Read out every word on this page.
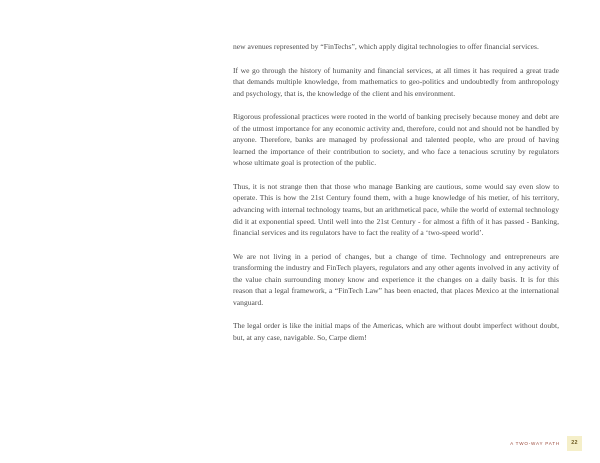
new avenues represented by “FinTechs”, which apply digital technologies to offer financial services.

If we go through the history of humanity and financial services, at all times it has required a great trade that demands multiple knowledge, from mathematics to geo-politics and undoubtedly from anthropology and psychology, that is, the knowledge of the client and his environment.

Rigorous professional practices were rooted in the world of banking precisely because money and debt are of the utmost importance for any economic activity and, therefore, could not and should not be handled by anyone. Therefore, banks are managed by professional and talented people, who are proud of having learned the importance of their contribution to society, and who face a tenacious scrutiny by regulators whose ultimate goal is protection of the public.

Thus, it is not strange then that those who manage Banking are cautious, some would say even slow to operate. This is how the 21st Century found them, with a huge knowledge of his metier, of his territory, advancing with internal technology teams, but an arithmetical pace, while the world of external technology did it at exponential speed. Until well into the 21st Century - for almost a fifth of it has passed - Banking, financial services and its regulators have to fact the reality of a ‘two-speed world’.

We are not living in a period of changes, but a change of time. Technology and entrepreneurs are transforming the industry and FinTech players, regulators and any other agents involved in any activity of the value chain surrounding money know and experience it the changes on a daily basis. It is for this reason that a legal framework, a “FinTech Law” has been enacted, that places Mexico at the international vanguard.

The legal order is like the initial maps of the Americas, which are without doubt imperfect without doubt, but, at any case, navigable. So, Carpe diem!

A TWO-WAY PATH	22
